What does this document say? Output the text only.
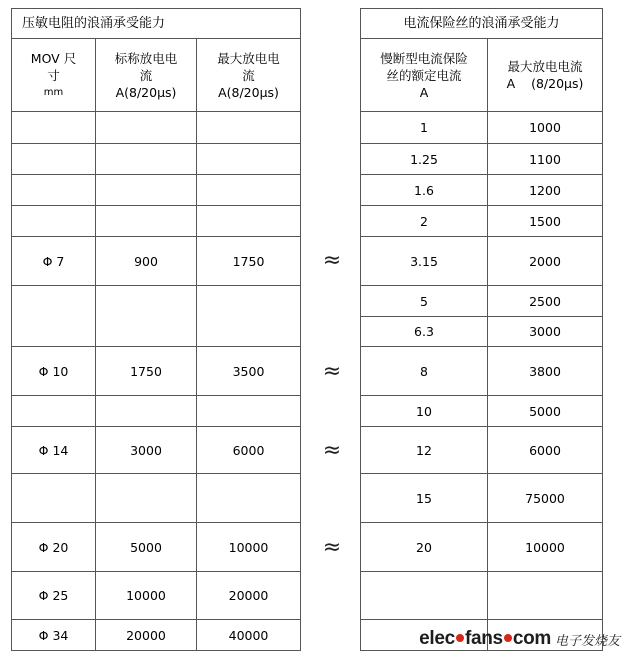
压敏电阻的浪涌承受能力		

MOV 尺
寸
mm	标称放电电
流
A(8/20µs)	最大放电电
流
A(8/20µs)

Φ 7	900	1750

Φ 10	1750	3500

Φ 14	3000	6000

Φ 20	5000	10000
Φ 25	10000	20000
Φ 34	20000	40000
电流保险丝的浪涌承受能力	

慢断型电流保险
丝的额定电流
A	最大放电电流
A    (8/20µs)

1	1000
1.25	1100
1.6	1200
2	1500
3.15	2000
5	2500
6.3	3000
8	3800
10	5000
12	6000
15	75000
20	10000

≈
≈
≈
≈
elec fans com 电子发烧友
